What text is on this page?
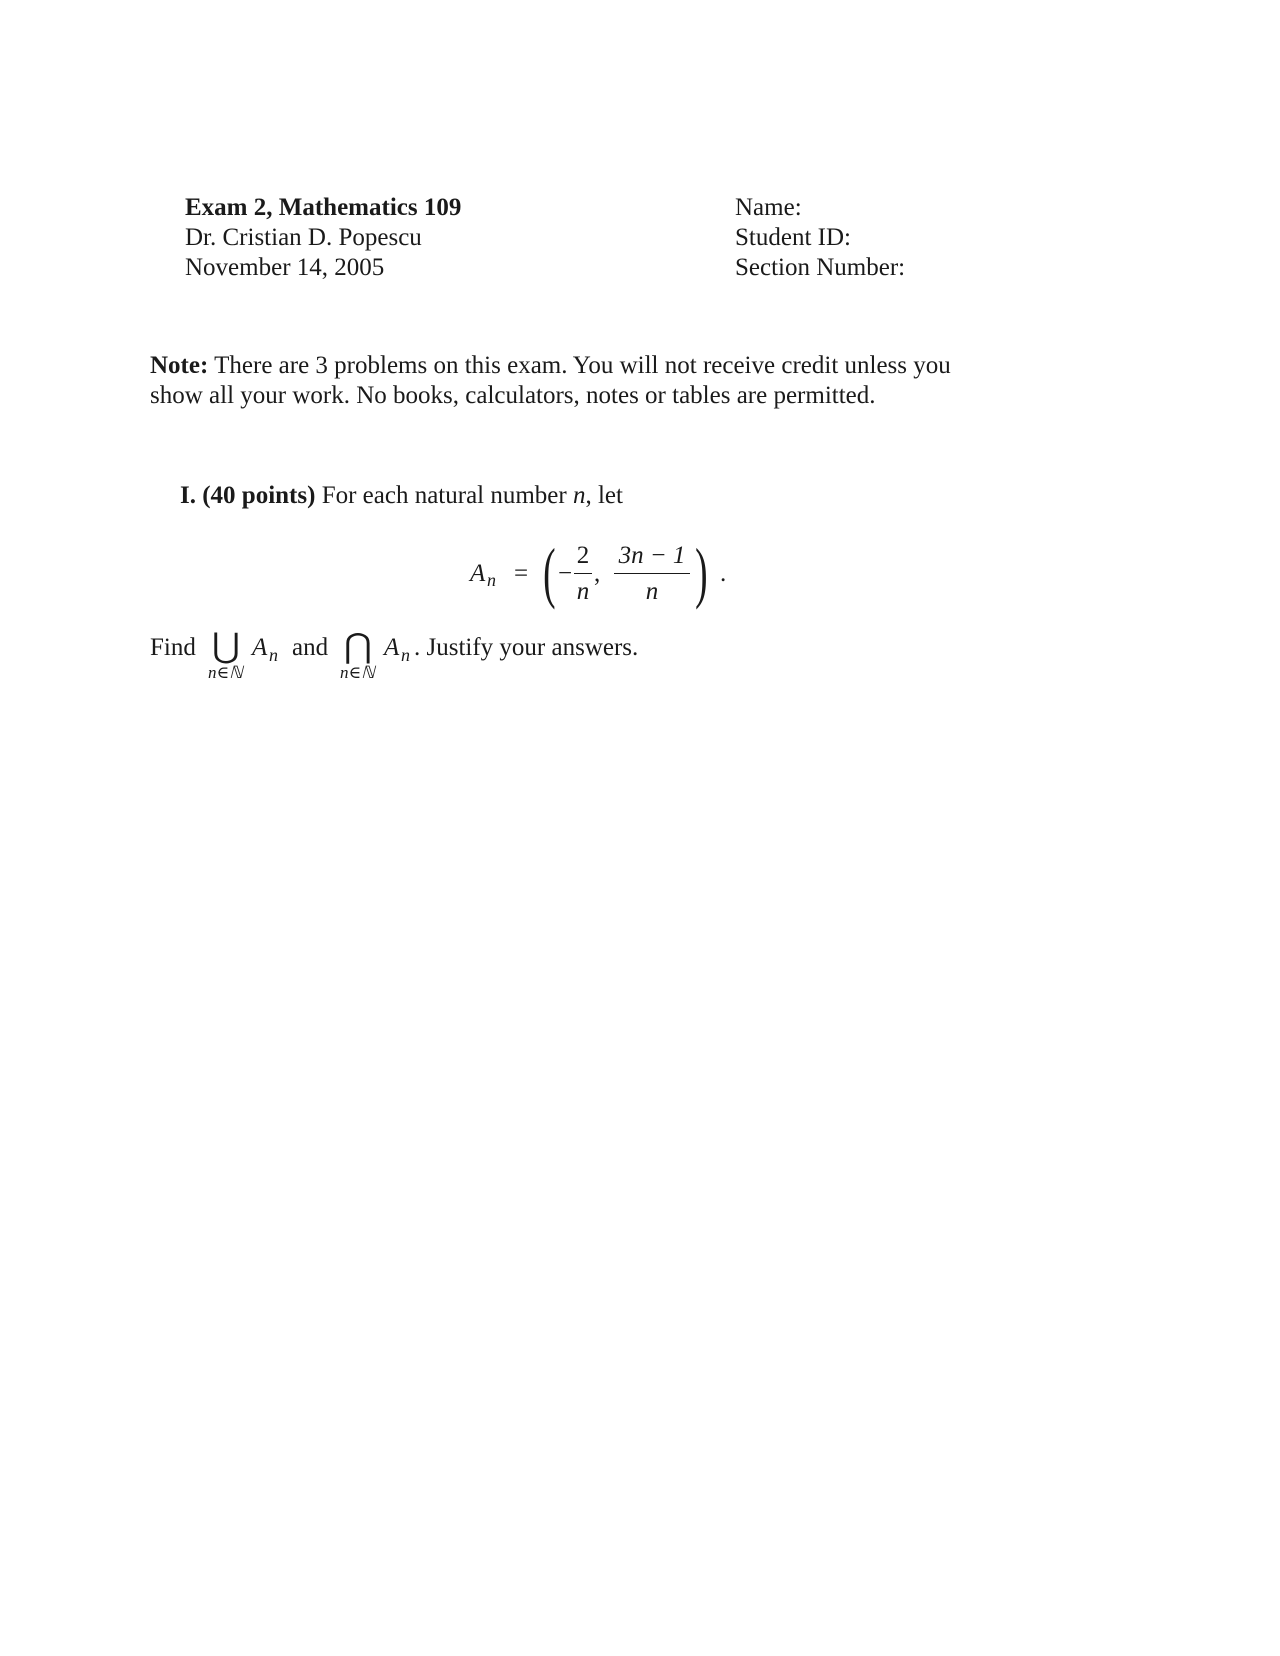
Exam 2, Mathematics 109
Dr. Cristian D. Popescu
November 14, 2005
Name:
Student ID:
Section Number:
Note: There are 3 problems on this exam. You will not receive credit unless you
show all your work. No books, calculators, notes or tables are permitted.
I. (40 points) For each natural number n, let
A n = ( −
2
n
,
3n − 1
n ) .
Find ⋃
n∈ℕ
A n and ⋂
n∈ℕ
A n . Justify your answers.
